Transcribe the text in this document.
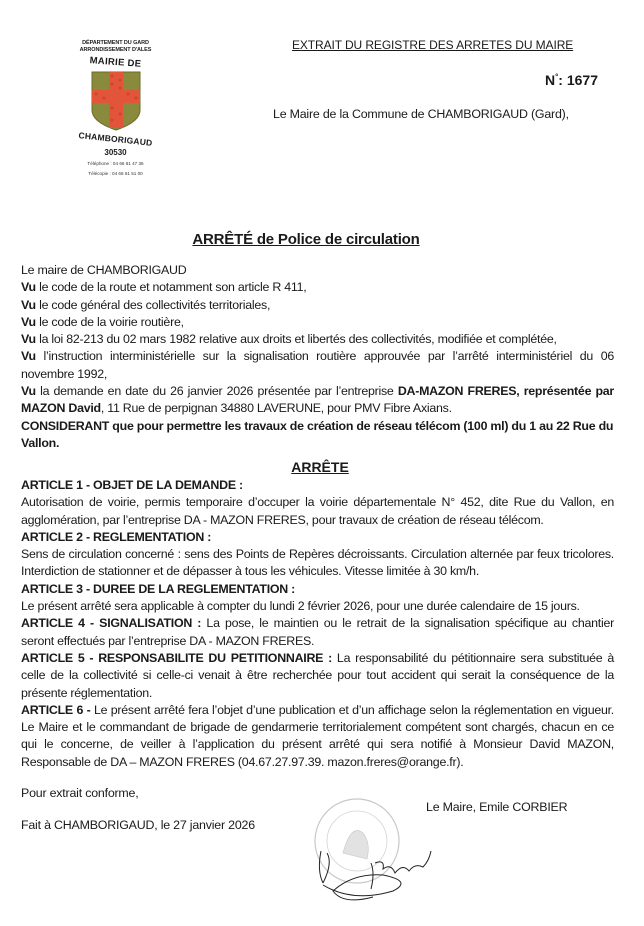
DÉPARTEMENT DU GARD
ARRONDISSEMENT D'ALES
MAIRIE DE
CHAMBORIGAUD
30530
Téléphone : 04 66 61 47 36
Télécopie : 04 66 61 51 00
EXTRAIT DU REGISTRE DES ARRETES DU MAIRE
N°: 1677
Le Maire de la Commune de CHAMBORIGAUD (Gard),
ARRÊTÉ de Police de circulation

Le maire de CHAMBORIGAUD

Vu le code de la route et notamment son article R 411,

Vu le code général des collectivités territoriales,

Vu le code de la voirie routière,

Vu la loi 82-213 du 02 mars 1982 relative aux droits et libertés des collectivités, modifiée et complétée,

Vu l’instruction interministérielle sur la signalisation routière approuvée par l’arrêté interministériel du 06 novembre 1992,

Vu la demande en date du 26 janvier 2026 présentée par l’entreprise DA-MAZON FRERES, représentée par MAZON David, 11 Rue de perpignan 34880 LAVERUNE, pour PMV Fibre Axians.

CONSIDERANT que pour permettre les travaux de création de réseau télécom (100 ml) du 1 au 22 Rue du Vallon.

ARRÊTE

ARTICLE 1 - OBJET DE LA DEMANDE :

Autorisation de voirie, permis temporaire d’occuper la voirie départementale N° 452, dite Rue du Vallon, en agglomération, par l’entreprise DA - MAZON FRERES, pour travaux de création de réseau télécom.

ARTICLE 2 - REGLEMENTATION :

Sens de circulation concerné : sens des Points de Repères décroissants. Circulation alternée par feux tricolores. Interdiction de stationner et de dépasser à tous les véhicules. Vitesse limitée à 30 km/h.

ARTICLE 3 - DUREE DE LA REGLEMENTATION :

Le présent arrêté sera applicable à compter du lundi 2 février 2026, pour une durée calendaire de 15 jours.

ARTICLE 4 - SIGNALISATION : La pose, le maintien ou le retrait de la signalisation spécifique au chantier seront effectués par l’entreprise DA - MAZON FRERES.

ARTICLE 5 - RESPONSABILITE DU PETITIONNAIRE : La responsabilité du pétitionnaire sera substituée à celle de la collectivité si celle-ci venait à être recherchée pour tout accident qui serait la conséquence de la présente réglementation.

ARTICLE 6 - Le présent arrêté fera l’objet d’une publication et d’un affichage selon la réglementation en vigueur. Le Maire et le commandant de brigade de gendarmerie territorialement compétent sont chargés, chacun en ce qui le concerne, de veiller à l’application du présent arrêté qui sera notifié à Monsieur David MAZON, Responsable de DA – MAZON FRERES (04.67.27.97.39. mazon.freres@orange.fr).

Pour extrait conforme,
Fait à CHAMBORIGAUD, le 27 janvier 2026
Le Maire, Emile CORBIER
